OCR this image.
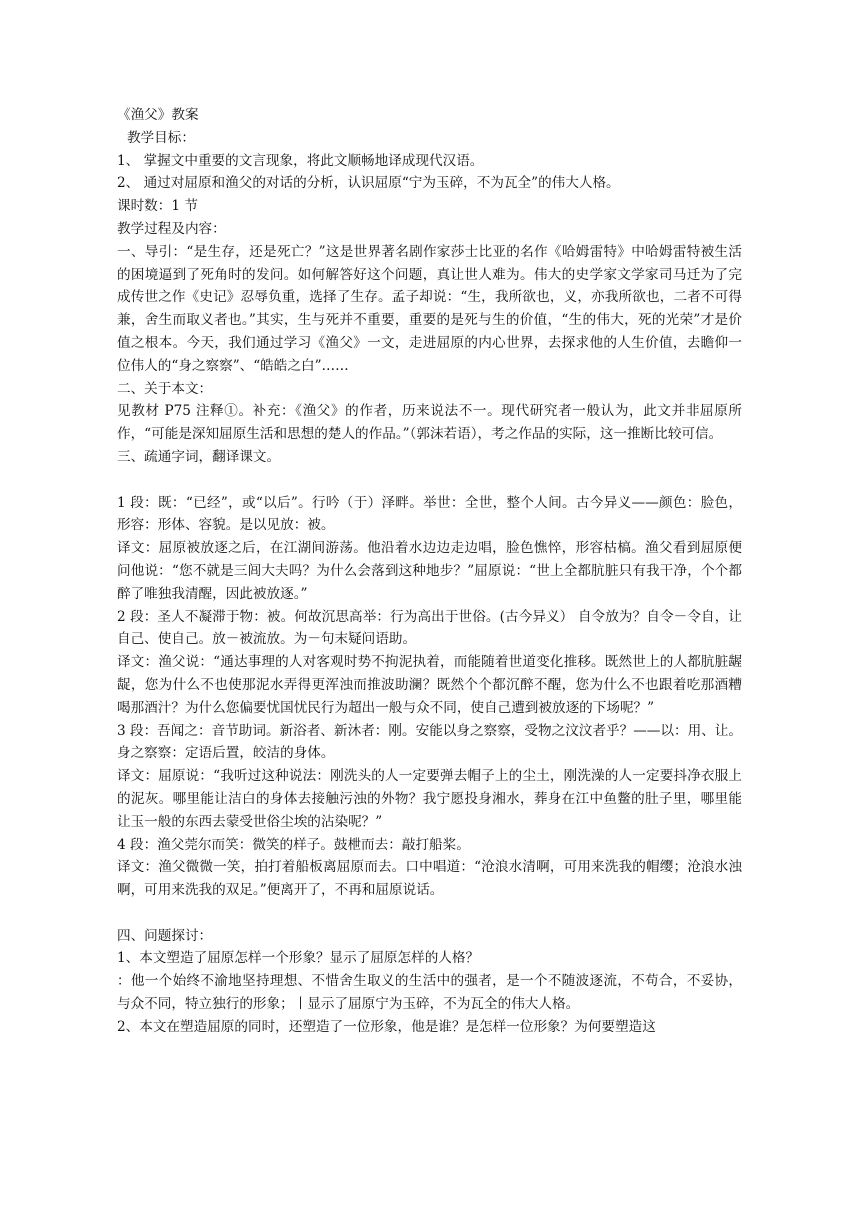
《渔父》教案

教学目标：

1、 掌握文中重要的文言现象，将此文顺畅地译成现代汉语。

2、 通过对屈原和渔父的对话的分析，认识屈原“宁为玉碎，不为瓦全”的伟大人格。

课时数：1 节

教学过程及内容：

一、导引：“是生存，还是死亡？”这是世界著名剧作家莎士比亚的名作《哈姆雷特》中哈姆雷特被生活的困境逼到了死角时的发问。如何解答好这个问题，真让世人难为。伟大的史学家文学家司马迁为了完成传世之作《史记》忍辱负重，选择了生存。孟子却说：“生，我所欲也，义，亦我所欲也，二者不可得兼，舍生而取义者也。”其实，生与死并不重要，重要的是死与生的价值，“生的伟大，死的光荣”才是价值之根本。今天，我们通过学习《渔父》一文，走进屈原的内心世界，去探求他的人生价值，去瞻仰一位伟人的“身之察察”、“皓皓之白”……

二、关于本文：

见教材 P75 注释①。补充：《渔父》的作者，历来说法不一。现代研究者一般认为，此文并非屈原所作，“可能是深知屈原生活和思想的楚人的作品。”（郭沫若语），考之作品的实际，这一推断比较可信。

三、疏通字词，翻译课文。

1 段：既：“已经”，或“以后”。行吟（于）泽畔。举世：全世，整个人间。古今异义——颜色：脸色，形容：形体、容貌。是以见放：被。

译文：屈原被放逐之后，在江湖间游荡。他沿着水边边走边唱，脸色憔悴，形容枯槁。渔父看到屈原便问他说：“您不就是三闾大夫吗？为什么会落到这种地步？”屈原说：“世上全都肮脏只有我干净，个个都醉了唯独我清醒，因此被放逐。”

2 段：圣人不凝滞于物：被。何故沉思高举：行为高出于世俗。(古今异义） 自令放为？自令－令自，让自己、使自己。放－被流放。为－句末疑问语助。

译文：渔父说：“通达事理的人对客观时势不拘泥执着，而能随着世道变化推移。既然世上的人都肮脏龌龊，您为什么不也使那泥水弄得更浑浊而推波助澜？既然个个都沉醉不醒，您为什么不也跟着吃那酒糟喝那酒汁？为什么您偏要忧国忧民行为超出一般与众不同，使自己遭到被放逐的下场呢？”

3 段：吾闻之：音节助词。新浴者、新沐者：刚。安能以身之察察，受物之汶汶者乎？——以：用、让。身之察察：定语后置，皎洁的身体。

译文：屈原说：“我听过这种说法：刚洗头的人一定要弹去帽子上的尘土，刚洗澡的人一定要抖净衣服上的泥灰。哪里能让洁白的身体去接触污浊的外物？我宁愿投身湘水，葬身在江中鱼鳖的肚子里，哪里能让玉一般的东西去蒙受世俗尘埃的沾染呢？”

4 段：渔父莞尔而笑：微笑的样子。鼓枻而去：敲打船桨。

译文：渔父微微一笑，拍打着船板离屈原而去。口中唱道：“沧浪水清啊，可用来洗我的帽缨；沧浪水浊啊，可用来洗我的双足。”便离开了，不再和屈原说话。

四、问题探讨：

1、本文塑造了屈原怎样一个形象？显示了屈原怎样的人格？

：他一个始终不渝地坚持理想、不惜舍生取义的生活中的强者，是一个不随波逐流，不苟合，不妥协，与众不同，特立独行的形象；丨显示了屈原宁为玉碎，不为瓦全的伟大人格。

2、本文在塑造屈原的同时，还塑造了一位形象，他是谁？是怎样一位形象？为何要塑造这
